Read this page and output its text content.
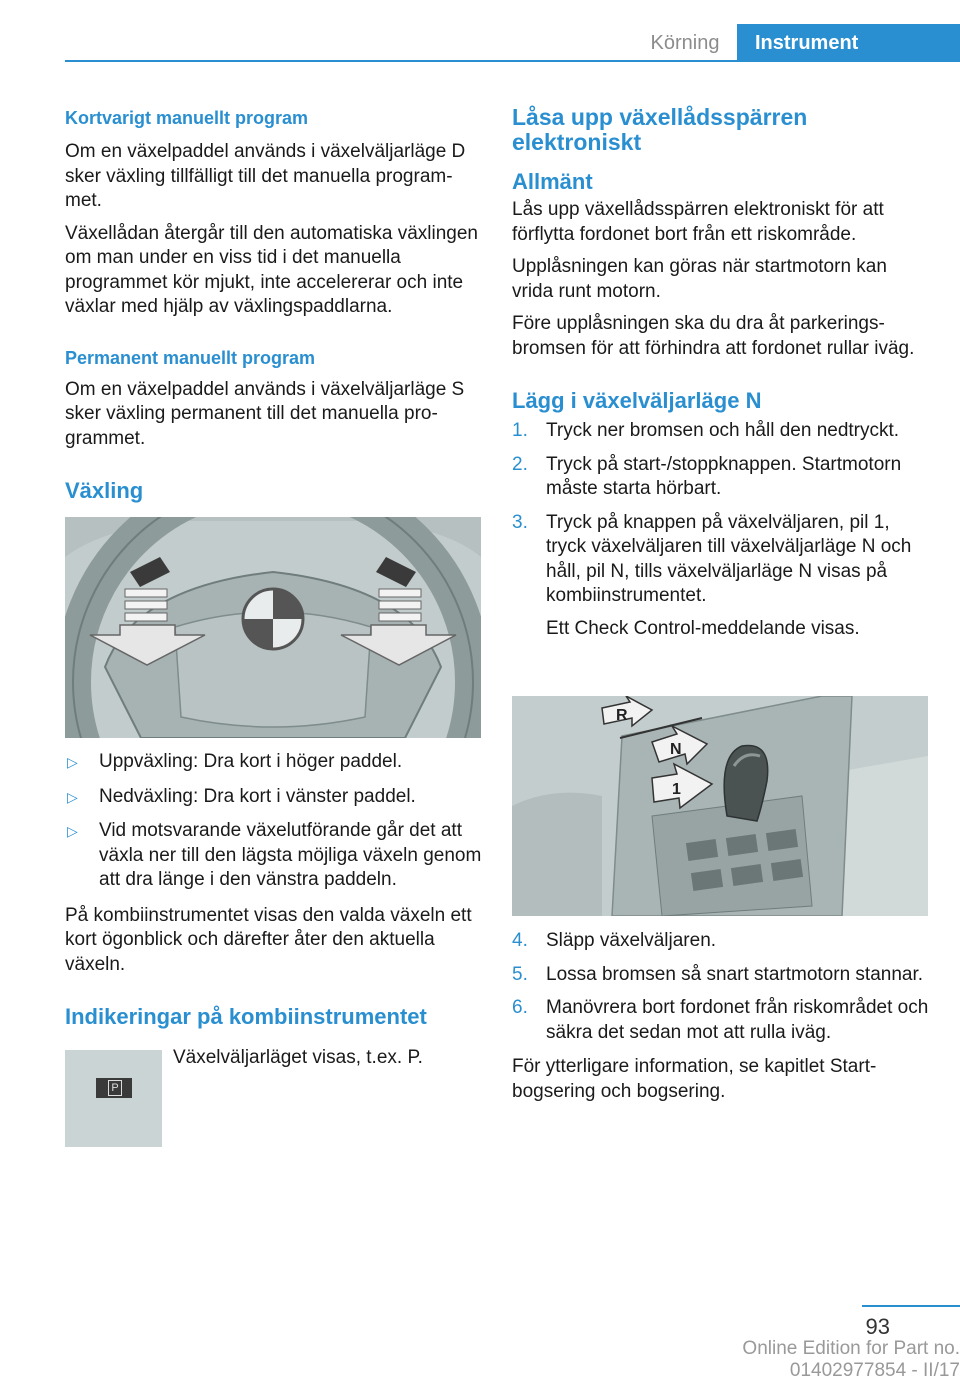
Körning	Instrument
Kortvarigt manuellt program

Om en växelpaddel används i växelväljarläge D sker växling tillfälligt till det manuella programmet.

Växellådan återgår till den automatiska växlingen om man under en viss tid i det manuella programmet kör mjukt, inte accelererar och inte växlar med hjälp av växlingspaddlarna.

Permanent manuellt program

Om en växelpaddel används i växelväljarläge S sker växling permanent till det manuella programmet.

Växling
▷ Uppväxling: Dra kort i höger paddel.
▷ Nedväxling: Dra kort i vänster paddel.
▷ Vid motsvarande växelutförande går det att växla ner till den lägsta möjliga växeln genom att dra länge i den vänstra paddeln.

På kombiinstrumentet visas den valda växeln ett kort ögonblick och därefter åter den aktuella växeln.

Indikeringar på kombiinstrumentet
P

Växelväljarläget visas, t.ex. P.

Låsa upp växellådsspärren elektroniskt
Allmänt

Lås upp växellådsspärren elektroniskt för att förflytta fordonet bort från ett riskområde.

Upplåsningen kan göras när startmotorn kan vrida runt motorn.

Före upplåsningen ska du dra åt parkeringsbromsen för att förhindra att fordonet rullar iväg.

Lägg i växelväljarläge N
1. Tryck ner bromsen och håll den nedtryckt.
2. Tryck på start-/stoppknappen. Startmotorn måste starta hörbart.
3. Tryck på knappen på växelväljaren, pil 1, tryck växelväljaren till växelväljarläge N och håll, pil N, tills växelväljarläge N visas på kombiinstrumentet.

Ett Check Control-meddelande visas.

R
N
1
4. Släpp växelväljaren.
5. Lossa bromsen så snart startmotorn stannar.
6. Manövrera bort fordonet från riskområdet och säkra det sedan mot att rulla iväg.

För ytterligare information, se kapitlet Startbogsering och bogsering.

93
Online Edition for Part no. 01402977854 - II/17
